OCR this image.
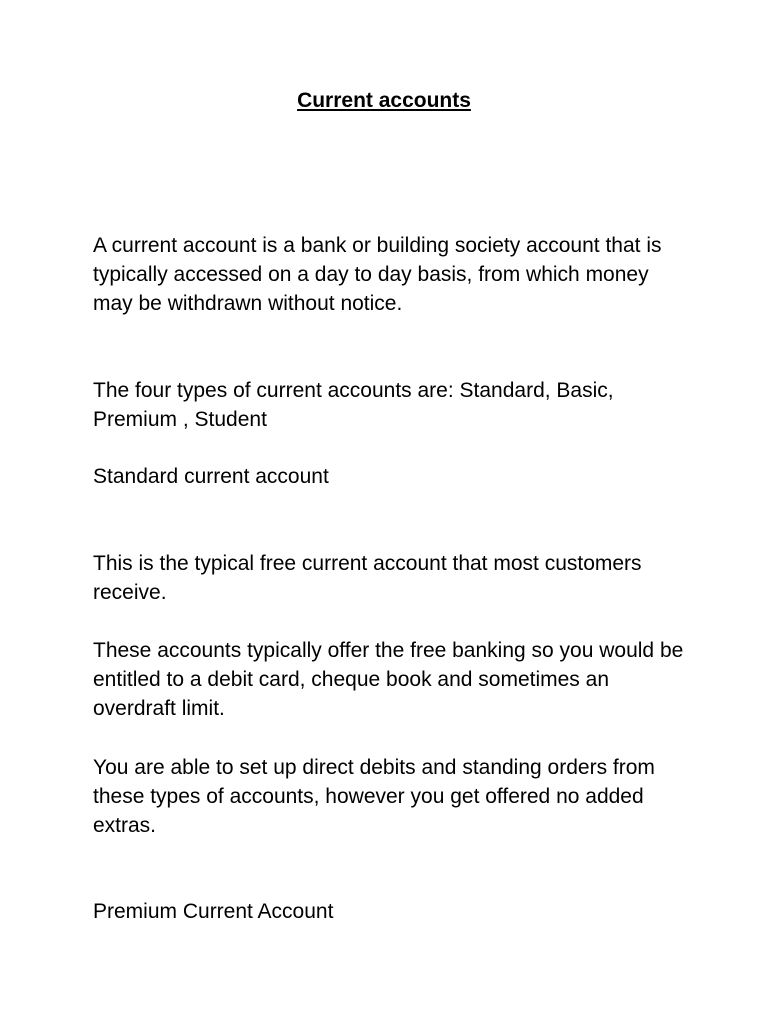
Current accounts

A current account is a bank or building society account that is typically accessed on a day to day basis, from which money may be withdrawn without notice.

The four types of current accounts are: Standard, Basic, Premium , Student

Standard current account

This is the typical free current account that most customers receive.

These accounts typically offer the free banking so you would be entitled to a debit card, cheque book and sometimes an overdraft limit.

You are able to set up direct debits and standing orders from these types of accounts, however you get offered no added extras.

Premium Current Account
